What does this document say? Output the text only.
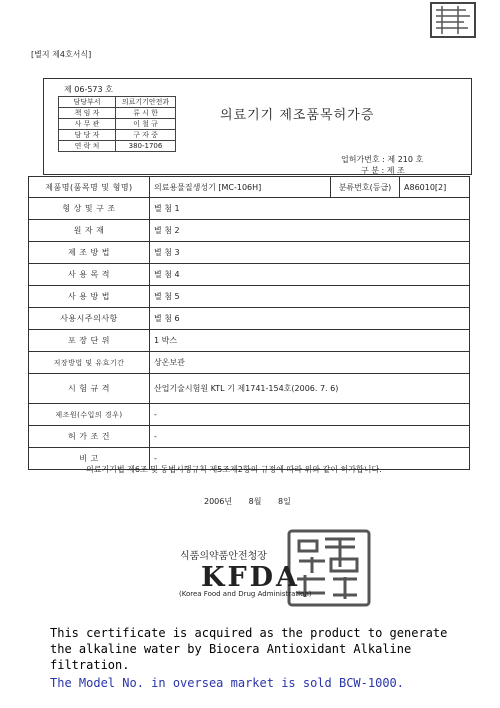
[별지 제4호서식]
제 06-573 호
담당부서	의료기기안전과
책 임 자	류 시 한
사 무 관	이 철 규
담 당 자	구 자 중
연 락 처	380-1706
의료기기 제조품목허가증
업허가번호 : 제 210 호
구 분 : 제 조
제품명(품목명 및 형명)	의료용물질생성기 [MC-106H]	분류번호(등급)	A86010[2]
형 상 및 구 조	별 첨 1		
원 자 재	별 첨 2		
제 조 방 법	별 첨 3		
사 용 목 적	별 첨 4		
사 용 방 법	별 첨 5		
사용시주의사항	별 첨 6		
포 장 단 위	1 박스		
저장방법 및 유효기간	상온보관		
시 험 규 격	산업기술시험원 KTL 기 제1741-154호(2006. 7. 6)		
제조원(수입의 경우)	-		
허 가 조 건	-		
비 고	-		
의료기기법 제6조 및 동법시행규칙 제5조제2항의 규정에 따라 위와 같이 허가합니다.
2006년 8월 8일
식품의약품안전청장
KFDA
(Korea Food and Drug Administration)
This certificate is acquired as the product to generate
the alkaline water by Biocera Antioxidant Alkaline
filtration.
The Model No. in oversea market is sold BCW-1000.
